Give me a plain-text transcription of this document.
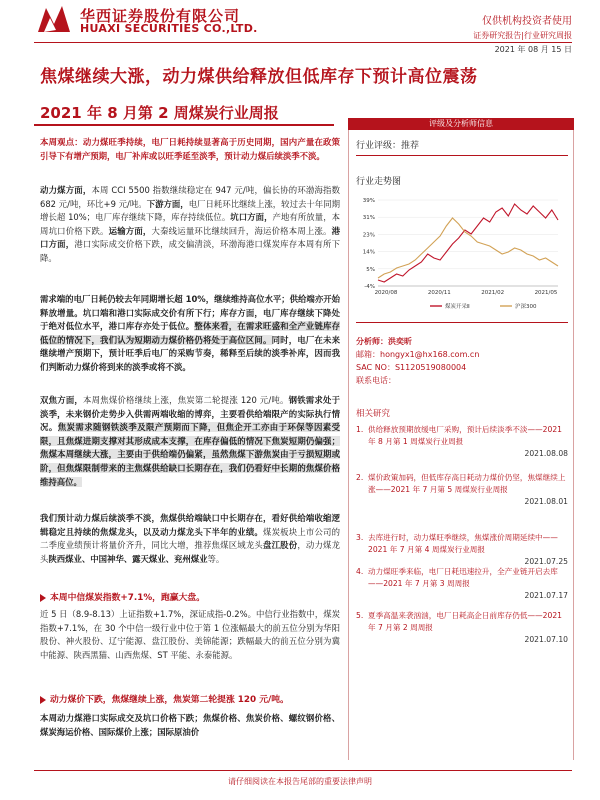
华西证券股份有限公司
HUAXI SECURITIES CO.,LTD.
仅供机构投资者使用
证券研究报告|行业研究周报
2021 年 08 月 15 日
焦煤继续大涨，动力煤供给释放但低库存下预计高位震荡
2021 年 8 月第 2 周煤炭行业周报

本周观点：动力煤旺季持续，电厂日耗持续显著高于历史同期，国内产量在政策引导下有增产预期，电厂补库或以旺季延至淡季，预计动力煤后续淡季不淡。

动力煤方面，本周 CCI 5500 指数继续稳定在 947 元/吨，偏长协的环渤海指数 682 元/吨，环比+9 元/吨。下游方面，电厂日耗环比继续上涨，较过去十年同期增长超 10%；电厂库存继续下降，库存持续低位。坑口方面，产地有所放量，本周坑口价格下跌。运输方面，大秦线运量环比继续回升，海运价格本周上涨。港口方面，港口实际成交价格下跌，成交偏清淡，环渤海港口煤炭库存本周有所下降。

需求端的电厂日耗仍较去年同期增长超 10%，继续维持高位水平；供给端亦开始释放增量。坑口端和港口实际成交价有所下行；库存方面，电厂库存继续下降处于绝对低位水平，港口库存亦处于低位。整体来看，在需求旺盛和全产业链库存低位的情况下，我们认为短期动力煤价格仍将处于高位区间。同时，电厂在未来继续增产预期下，预计旺季后电厂的采购节奏，稀释至后续的淡季补库，因而我们判断动力煤价将到来的淡季或将不淡。

双焦方面，本周焦煤价格继续上涨，焦炭第二轮提涨 120 元/吨。钢铁需求处于淡季，未来钢价走势步入供需两端收缩的博弈，主要看供给端限产的实际执行情况。焦炭需求随钢铁淡季及限产预期而下降，但焦企开工亦由于环保等因素受限，且焦煤进期支撑对其形成成本支撑，在库存偏低的情况下焦炭短期仍偏强；焦煤本周继续大涨，主要由于供给端仍偏紧，虽然焦煤下游焦炭由于亏损短期或阶，但焦煤限制带来的主焦煤供给缺口长期存在，我们仍看好中长期的焦煤价格维持高位。

我们预计动力煤后续淡季不淡，焦煤供给端缺口中长期存在，看好供给端收缩逻辑稳定且持续的焦煤龙头，以及动力煤龙头下半年的业绩。煤炭板块上市公司的二季度业绩预计将量价齐升，同比大增，推荐焦煤区域龙头盘江股份，动力煤龙头陕西煤业、中国神华、露天煤业、兖州煤业等。

本周中信煤炭指数+7.1%，跑赢大盘。

近 5 日（8.9-8.13）上证指数+1.7%，深证成指-0.2%。中信行业指数中，煤炭指数+7.1%，在 30 个中信一级行业中位于第 1 位涨幅最大的前五位分别为华阳股份、神火股份、辽宁能源、盘江股份、美锦能源；跌幅最大的前五位分别为冀中能源、陕西黑猫、山西焦煤、ST 平能、永泰能源。

动力煤价下跌，焦煤继续上涨，焦炭第二轮提涨 120 元/吨。

本周动力煤港口实际成交及坑口价格下跌；焦煤价格、焦炭价格、螺纹钢价格、煤炭海运价格、国际煤价上涨；国际原油价

评级及分析师信息
行业评级：推荐
行业走势图
-4%
5%
14%
23%
31%
39%
2020/08	2020/11	2021/02	2021/05
煤炭开采Ⅱ	沪深300
分析师：洪奕昕
邮箱：hongyx1@hx168.com.cn
SAC NO：S1120519080004
联系电话：
相关研究
1. 供给释放预期放缓电厂采购，预计后续淡季不淡——2021 年 8 月第 1 周煤炭行业周报
2021.08.08
2. 煤价政策加码，但低库存高日耗动力煤价仍坚，焦煤继续上涨——2021 年 7 月第 5 周煤炭行业周报
2021.08.01
3. 去库进行时，动力煤旺季继续，焦煤涨价周期延续中——2021 年 7 月第 4 周煤炭行业周报
2021.07.25
4. 动力煤旺季来临，电厂日耗迅速拉升，全产业链开启去库——2021 年 7 月第 3 周周报
2021.07.17
5. 夏季高温来袭汹汹，电厂日耗高企日前库存仍低——2021 年 7 月第 2 周周报
2021.07.10
请仔细阅读在本报告尾部的重要法律声明
